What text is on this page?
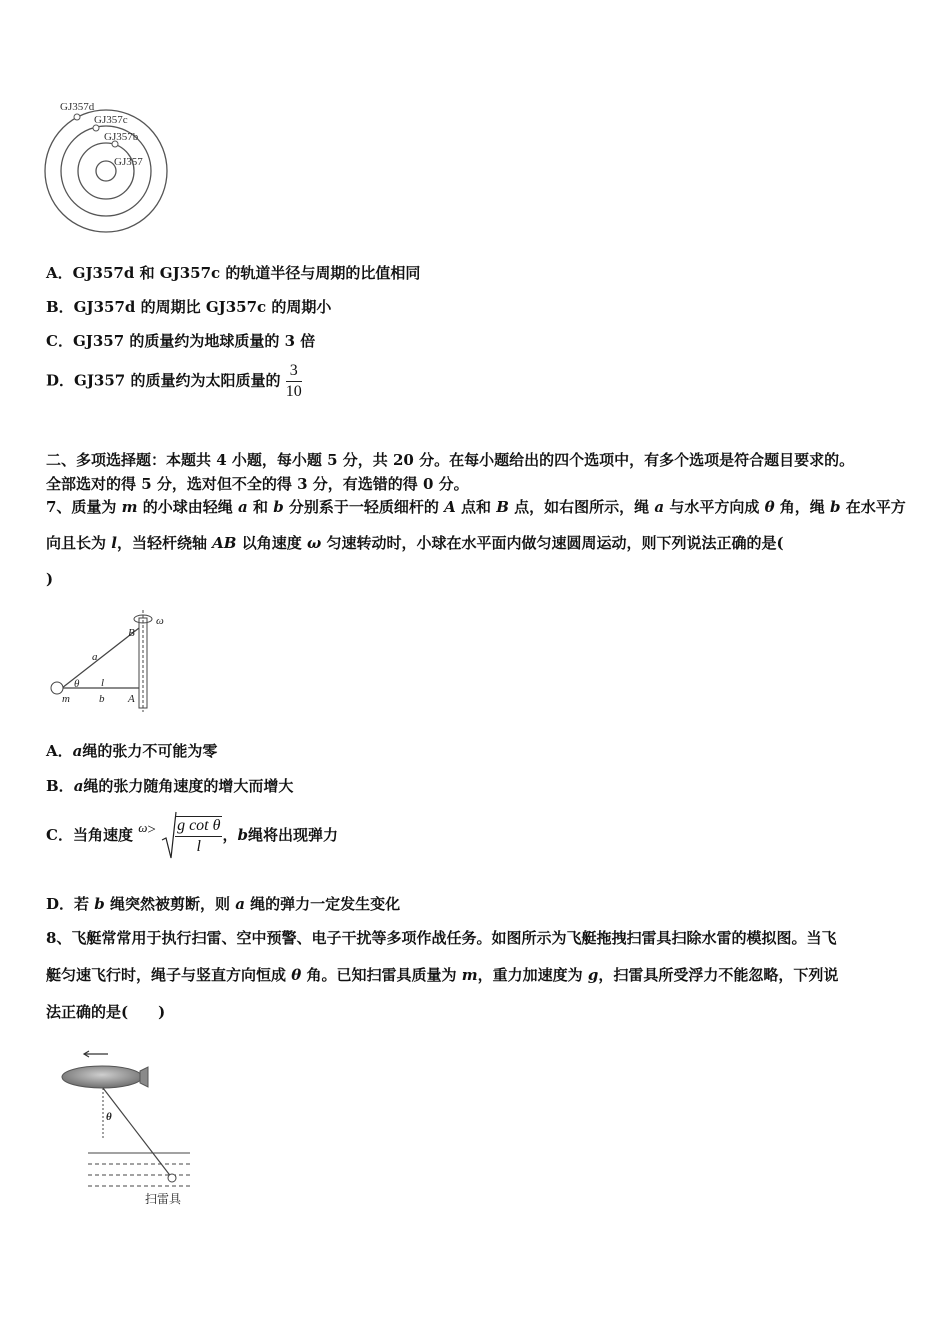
GJ357d
GJ357c
GJ357b
GJ357
A．GJ357d 和 GJ357c 的轨道半径与周期的比值相同
B．GJ357d 的周期比 GJ357c 的周期小
C．GJ357 的质量约为地球质量的 3 倍
D．GJ357 的质量约为太阳质量的 $\frac{3}{10}$
二、多项选择题：本题共 4 小题，每小题 5 分，共 20 分。在每小题给出的四个选项中，有多个选项是符合题目要求的。
全部选对的得 5 分，选对但不全的得 3 分，有选错的得 0 分。
7、质量为 m 的小球由轻绳 a 和 b 分别系于一轻质细杆的 A 点和 B 点，如右图所示，绳 a 与水平方向成 θ 角，绳 b 在水平方向且长为 l，当轻杆绕轴 AB 以角速度 ω 匀速转动时，小球在水平面内做匀速圆周运动，则下列说法正确的是(
)
ω
B
a
θ l
m	b A
A．a绳的张力不可能为零
B．a绳的张力随角速度的增大而增大
C．当角速度 $\omega> \frac{\text{g cot θ}}{l}$ ，b绳将出现弹力
D．若 b 绳突然被剪断，则 a 绳的弹力一定发生变化
8、飞艇常常用于执行扫雷、空中预警、电子干扰等多项作战任务。如图所示为飞艇拖拽扫雷具扫除水雷的模拟图。当飞
艇匀速飞行时，绳子与竖直方向恒成 θ 角。已知扫雷具质量为 m，重力加速度为 g，扫雷具所受浮力不能忽略，下列说
法正确的是(　　)
θ
扫雷具
